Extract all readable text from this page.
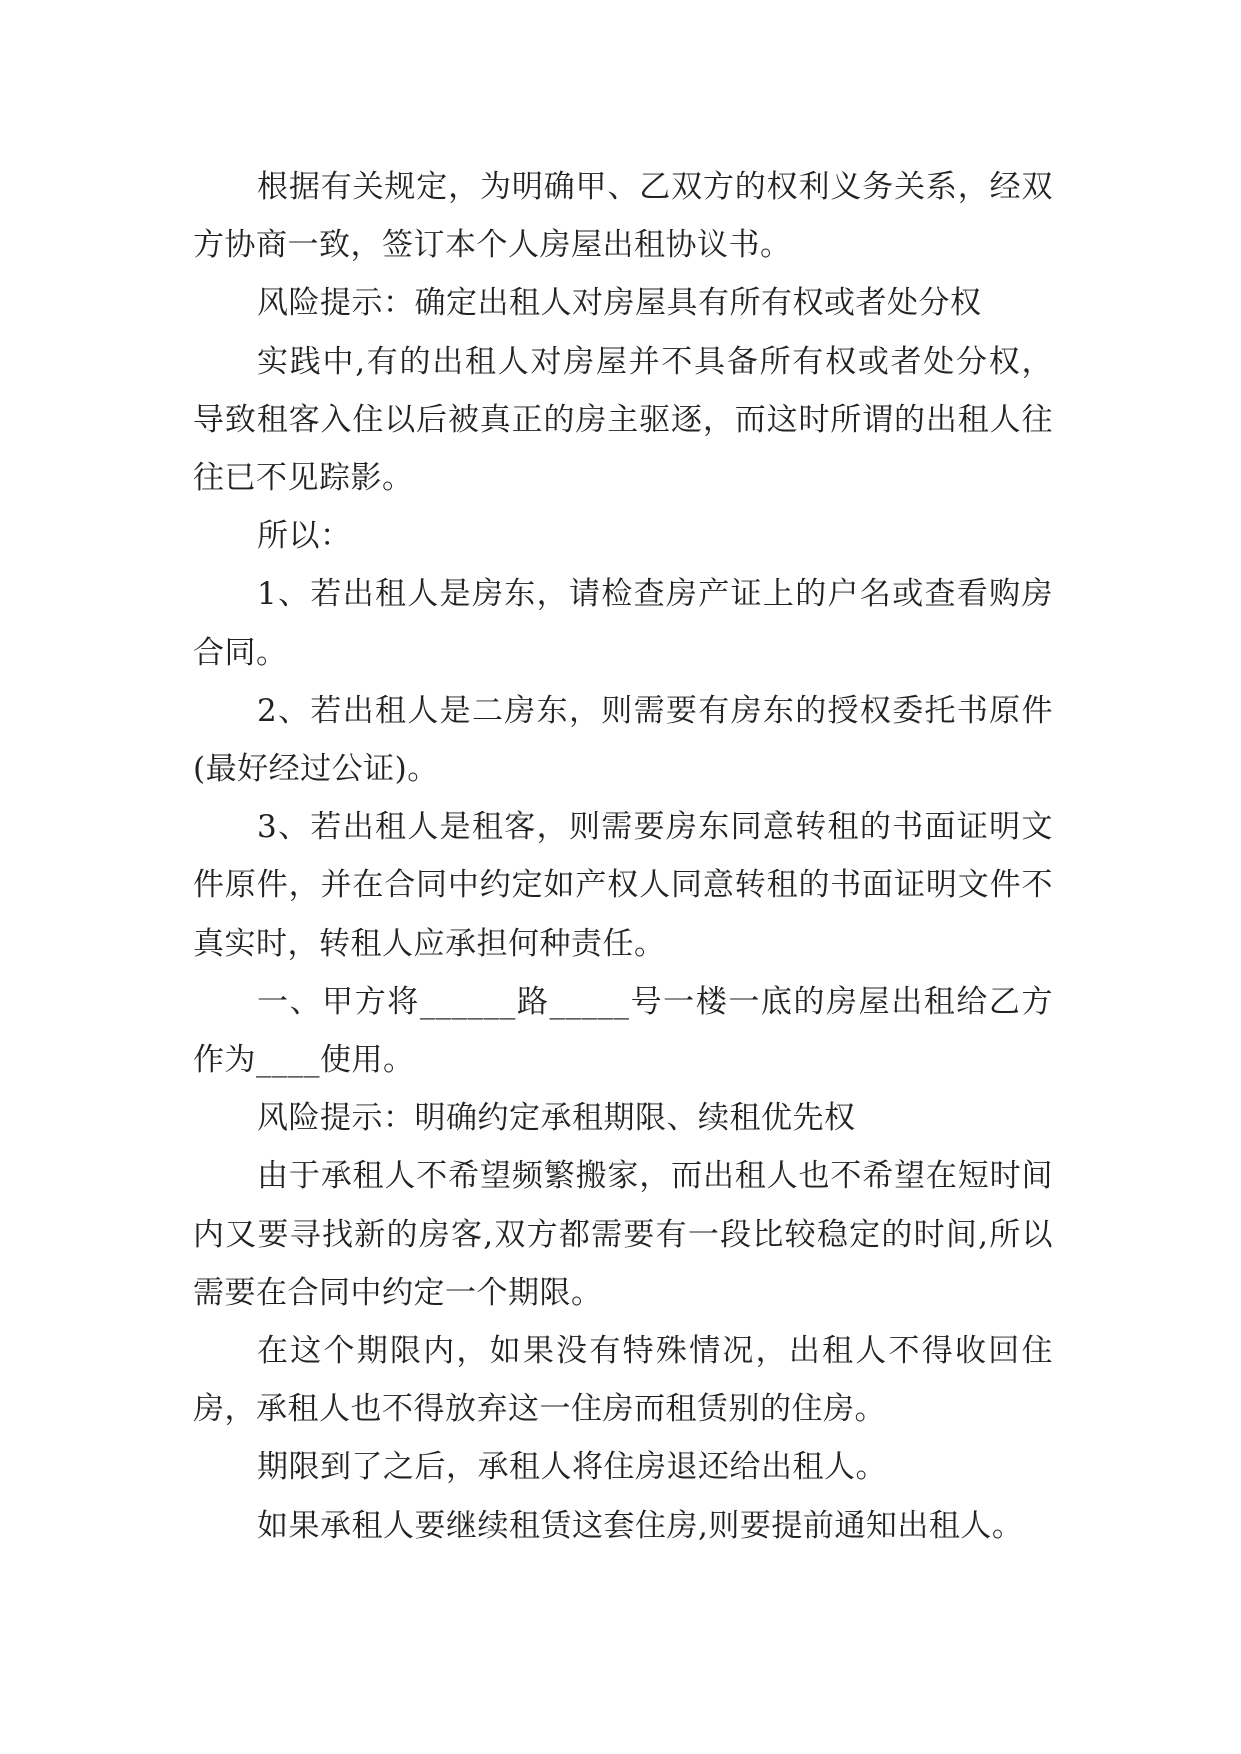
根据有关规定，为明确甲、乙双方的权利义务关系，经双方协商一致，签订本个人房屋出租协议书。

风险提示：确定出租人对房屋具有所有权或者处分权

实践中,有的出租人对房屋并不具备所有权或者处分权，导致租客入住以后被真正的房主驱逐，而这时所谓的出租人往往已不见踪影。

所以：

1、若出租人是房东，请检查房产证上的户名或查看购房合同。

2、若出租人是二房东，则需要有房东的授权委托书原件(最好经过公证)。

3、若出租人是租客，则需要房东同意转租的书面证明文件原件，并在合同中约定如产权人同意转租的书面证明文件不真实时，转租人应承担何种责任。

一、甲方将______路_____号一楼一底的房屋出租给乙方作为____使用。

风险提示：明确约定承租期限、续租优先权

由于承租人不希望频繁搬家，而出租人也不希望在短时间内又要寻找新的房客,双方都需要有一段比较稳定的时间,所以需要在合同中约定一个期限。

在这个期限内，如果没有特殊情况，出租人不得收回住房，承租人也不得放弃这一住房而租赁别的住房。

期限到了之后，承租人将住房退还给出租人。

如果承租人要继续租赁这套住房,则要提前通知出租人。
